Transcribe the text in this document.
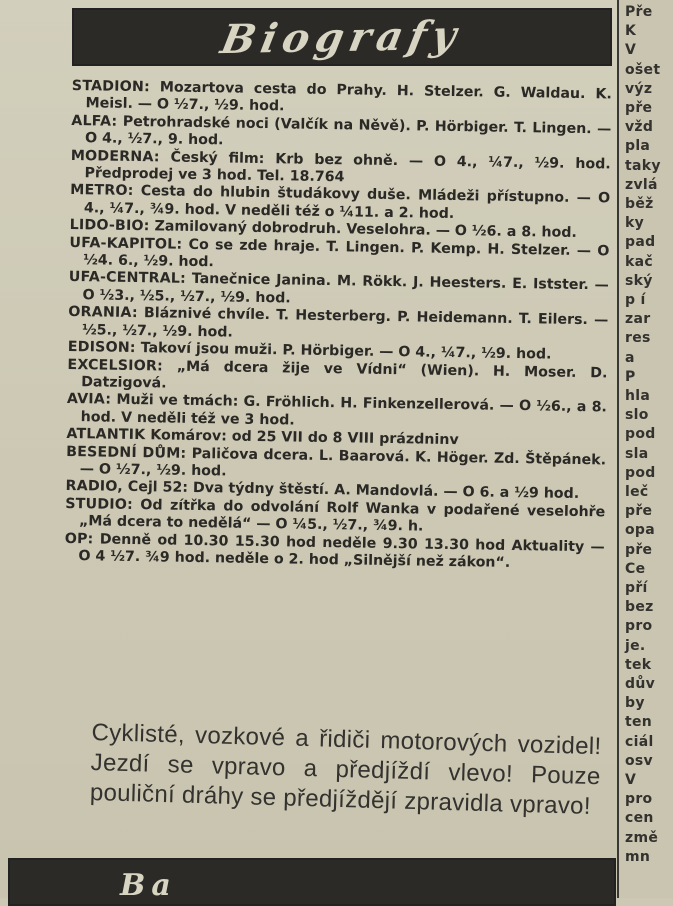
Biografy

STADION: Mozartova cesta do Prahy. H. Stelzer. G. Waldau. K. Meisl. — O ½7., ½9. hod.

ALFA: Petrohradské noci (Valčík na Něvě). P. Hörbiger. T. Lingen. — O 4., ½7., 9. hod.

MODERNA: Český film: Krb bez ohně. — O 4., ¼7., ½9. hod. Předprodej ve 3 hod. Tel. 18.764

METRO: Cesta do hlubin študákovy duše. Mládeži přístupno. — O 4., ¼7., ¾9. hod. V neděli též o ¼11. a 2. hod.

LIDO-BIO: Zamilovaný dobrodruh. Veselohra. — O ½6. a 8. hod.

UFA-KAPITOL: Co se zde hraje. T. Lingen. P. Kemp. H. Stelzer. — O ½4. 6., ½9. hod.

UFA-CENTRAL: Tanečnice Janina. M. Rökk. J. Heesters. E. Istster. — O ½3., ½5., ½7., ½9. hod.

ORANIA: Bláznivé chvíle. T. Hesterberg. P. Heidemann. T. Eilers. — ½5., ½7., ½9. hod.

EDISON: Takoví jsou muži. P. Hörbiger. — O 4., ¼7., ½9. hod.

EXCELSIOR: „Má dcera žije ve Vídni“ (Wien). H. Moser. D. Datzigová.

AVIA: Muži ve tmách: G. Fröhlich. H. Finkenzellerová. — O ½6., a 8. hod. V neděli též ve 3 hod.

ATLANTIK Komárov: od 25 VII do 8 VIII prázdninv

BESEDNÍ DŮM: Paličova dcera. L. Baarová. K. Höger. Zd. Štěpánek. — O ½7., ½9. hod.

RADIO, Cejl 52: Dva týdny štěstí. A. Mandovlá. — O 6. a ½9 hod.

STUDIO: Od zítřka do odvolání Rolf Wanka v podařené veselohře „Má dcera to nedělá“ — O ¼5., ½7., ¾9. h.

OP: Denně od 10.30 15.30 hod neděle 9.30 13.30 hod Aktuality — O 4 ½7. ¾9 hod. neděle o 2. hod „Silnější než zákon“.

Cyklisté, vozkové a řidiči motorových vozidel! Jezdí se vpravo a předjíždí vlevo! Pouze pouliční dráhy se předjíždějí zpravidla vpravo!
Ba
Pře
K
V
ošet
výz
pře
vžd
pla
taky
zvlá
běž
ky
pad
kač
ský
p í
zar
res
a
P
hla
slo
pod
sla
pod
leč
pře
opa
pře
Ce
pří
bez
pro
je.
tek
dův
by
ten
ciál
osv
V
pro
cen
změ
mn
